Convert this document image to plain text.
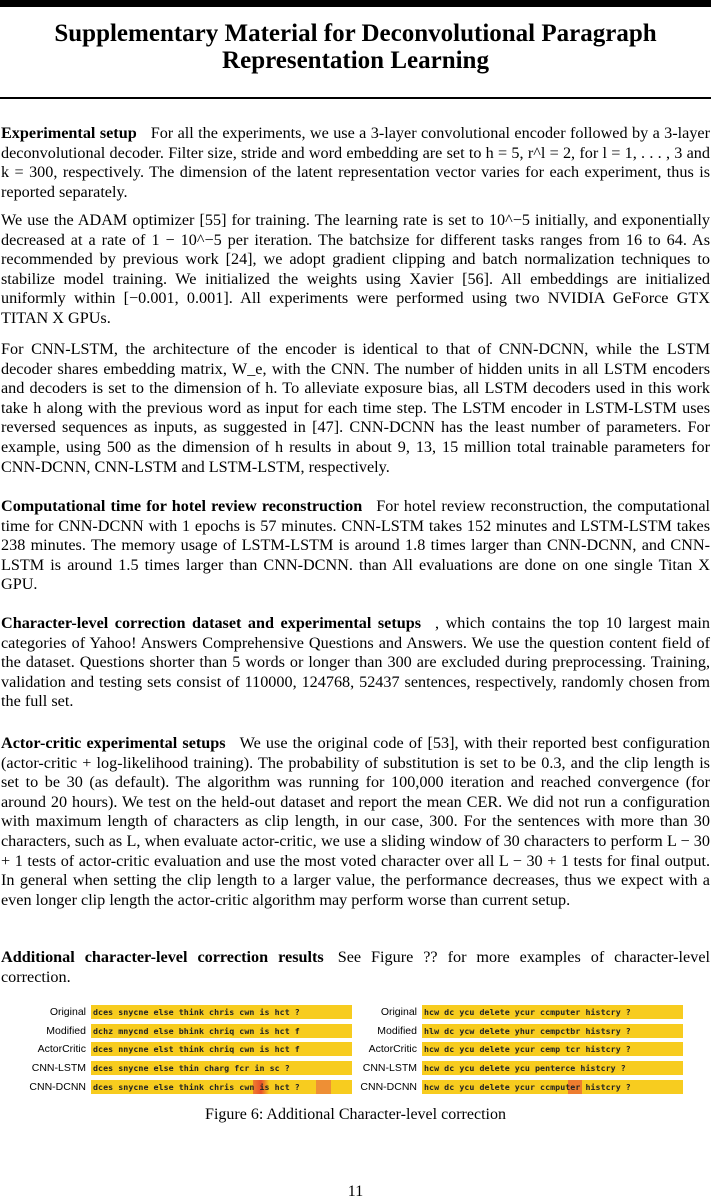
Supplementary Material for Deconvolutional Paragraph Representation Learning

Experimental setup For all the experiments, we use a 3-layer convolutional encoder followed by a 3-layer deconvolutional decoder. Filter size, stride and word embedding are set to h = 5, r^l = 2, for l = 1, . . . , 3 and k = 300, respectively. The dimension of the latent representation vector varies for each experiment, thus is reported separately.

We use the ADAM optimizer [55] for training. The learning rate is set to 10^−5 initially, and exponentially decreased at a rate of 1 − 10^−5 per iteration. The batchsize for different tasks ranges from 16 to 64. As recommended by previous work [24], we adopt gradient clipping and batch normalization techniques to stabilize model training. We initialized the weights using Xavier [56]. All embeddings are initialized uniformly within [−0.001, 0.001]. All experiments were performed using two NVIDIA GeForce GTX TITAN X GPUs.

For CNN-LSTM, the architecture of the encoder is identical to that of CNN-DCNN, while the LSTM decoder shares embedding matrix, W_e, with the CNN. The number of hidden units in all LSTM encoders and decoders is set to the dimension of h. To alleviate exposure bias, all LSTM decoders used in this work take h along with the previous word as input for each time step. The LSTM encoder in LSTM-LSTM uses reversed sequences as inputs, as suggested in [47]. CNN-DCNN has the least number of parameters. For example, using 500 as the dimension of h results in about 9, 13, 15 million total trainable parameters for CNN-DCNN, CNN-LSTM and LSTM-LSTM, respectively.

Computational time for hotel review reconstruction For hotel review reconstruction, the computational time for CNN-DCNN with 1 epochs is 57 minutes. CNN-LSTM takes 152 minutes and LSTM-LSTM takes 238 minutes. The memory usage of LSTM-LSTM is around 1.8 times larger than CNN-DCNN, and CNN-LSTM is around 1.5 times larger than CNN-DCNN. than All evaluations are done on one single Titan X GPU.

Character-level correction dataset and experimental setups , which contains the top 10 largest main categories of Yahoo! Answers Comprehensive Questions and Answers. We use the question content field of the dataset. Questions shorter than 5 words or longer than 300 are excluded during preprocessing. Training, validation and testing sets consist of 110000, 124768, 52437 sentences, respectively, randomly chosen from the full set.

Actor-critic experimental setups We use the original code of [53], with their reported best configuration (actor-critic + log-likelihood training). The probability of substitution is set to be 0.3, and the clip length is set to be 30 (as default). The algorithm was running for 100,000 iteration and reached convergence (for around 20 hours). We test on the held-out dataset and report the mean CER. We did not run a configuration with maximum length of characters as clip length, in our case, 300. For the sentences with more than 30 characters, such as L, when evaluate actor-critic, we use a sliding window of 30 characters to perform L − 30 + 1 tests of actor-critic evaluation and use the most voted character over all L − 30 + 1 tests for final output. In general when setting the clip length to a larger value, the performance decreases, thus we expect with a even longer clip length the actor-critic algorithm may perform worse than current setup.

Additional character-level correction results See Figure ?? for more examples of character-level correction.

Original dces snycne else think chris cwn is hct ?
Modified dchz mnycnd else bhink chriq cwn is hct f
ActorCritic dces nnycne elst think chriq cwn is hct f
CNN-LSTM dces snycne else thin charg fcr in sc ?
CNN-DCNN dces snycne else think chris cwn is hct ?
Original hcw dc ycu delete ycur ccmputer histcry ?
Modified hlw dc ycw delete yhur cempctbr histsry ?
ActorCritic hcw dc ycu delete ycur cemp tcr histcry ?
CNN-LSTM hcw dc ycu delete ycu penterce histcry ?
CNN-DCNN hcw dc ycu delete ycur ccmputer histcry ?

Figure 6: Additional Character-level correction

11
